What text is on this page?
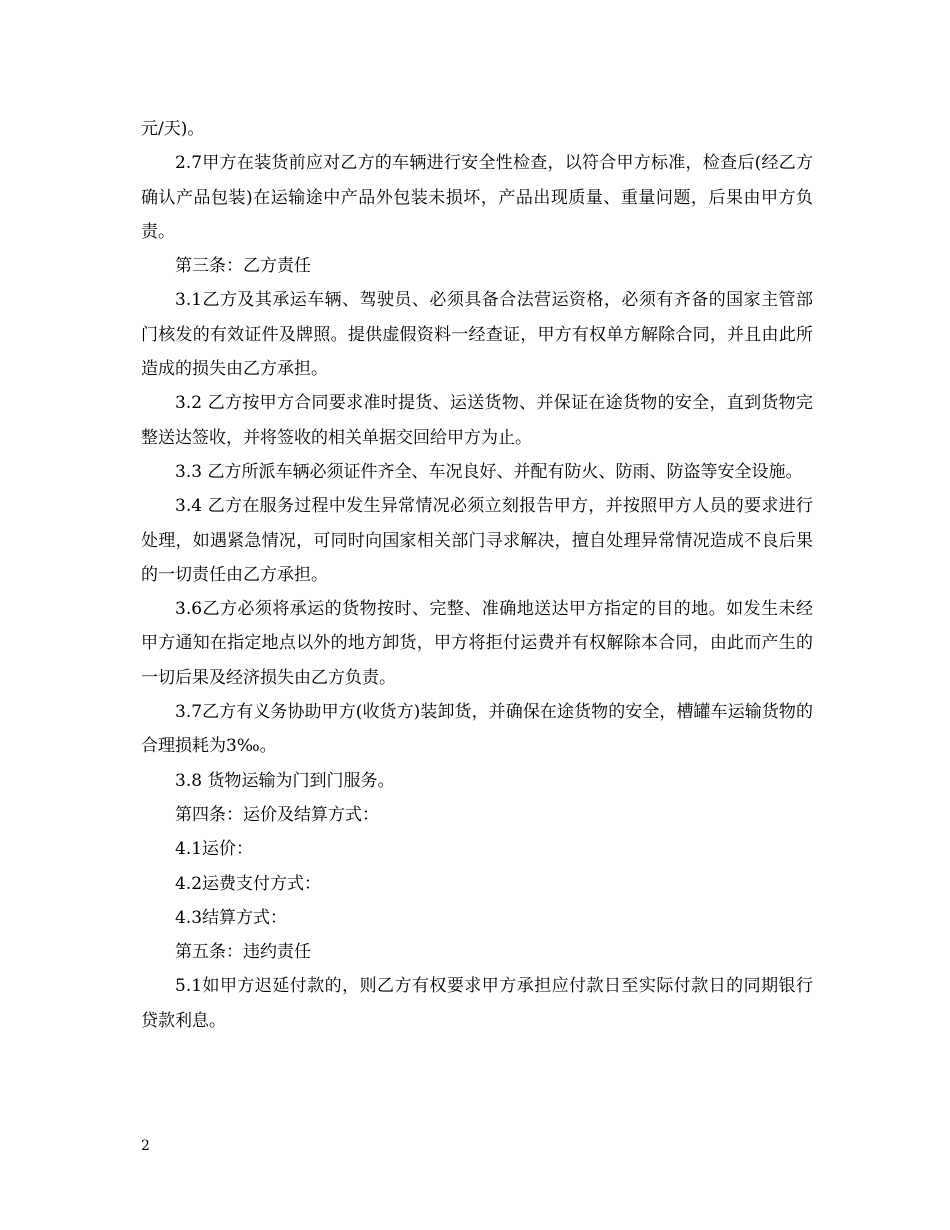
元/天)。

2.7甲方在装货前应对乙方的车辆进行安全性检查，以符合甲方标准，检查后(经乙方确认产品包装)在运输途中产品外包装未损坏，产品出现质量、重量问题，后果由甲方负责。

第三条：乙方责任

3.1乙方及其承运车辆、驾驶员、必须具备合法营运资格，必须有齐备的国家主管部门核发的有效证件及牌照。提供虚假资料一经查证，甲方有权单方解除合同，并且由此所造成的损失由乙方承担。

3.2 乙方按甲方合同要求准时提货、运送货物、并保证在途货物的安全，直到货物完整送达签收，并将签收的相关单据交回给甲方为止。

3.3 乙方所派车辆必须证件齐全、车况良好、并配有防火、防雨、防盗等安全设施。

3.4 乙方在服务过程中发生异常情况必须立刻报告甲方，并按照甲方人员的要求进行处理，如遇紧急情况，可同时向国家相关部门寻求解决，擅自处理异常情况造成不良后果的一切责任由乙方承担。

3.6乙方必须将承运的货物按时、完整、准确地送达甲方指定的目的地。如发生未经甲方通知在指定地点以外的地方卸货，甲方将拒付运费并有权解除本合同，由此而产生的一切后果及经济损失由乙方负责。

3.7乙方有义务协助甲方(收货方)装卸货，并确保在途货物的安全，槽罐车运输货物的合理损耗为3‰。

3.8 货物运输为门到门服务。

第四条：运价及结算方式：

4.1运价：

4.2运费支付方式：

4.3结算方式：

第五条：违约责任

5.1如甲方迟延付款的，则乙方有权要求甲方承担应付款日至实际付款日的同期银行贷款利息。

2
